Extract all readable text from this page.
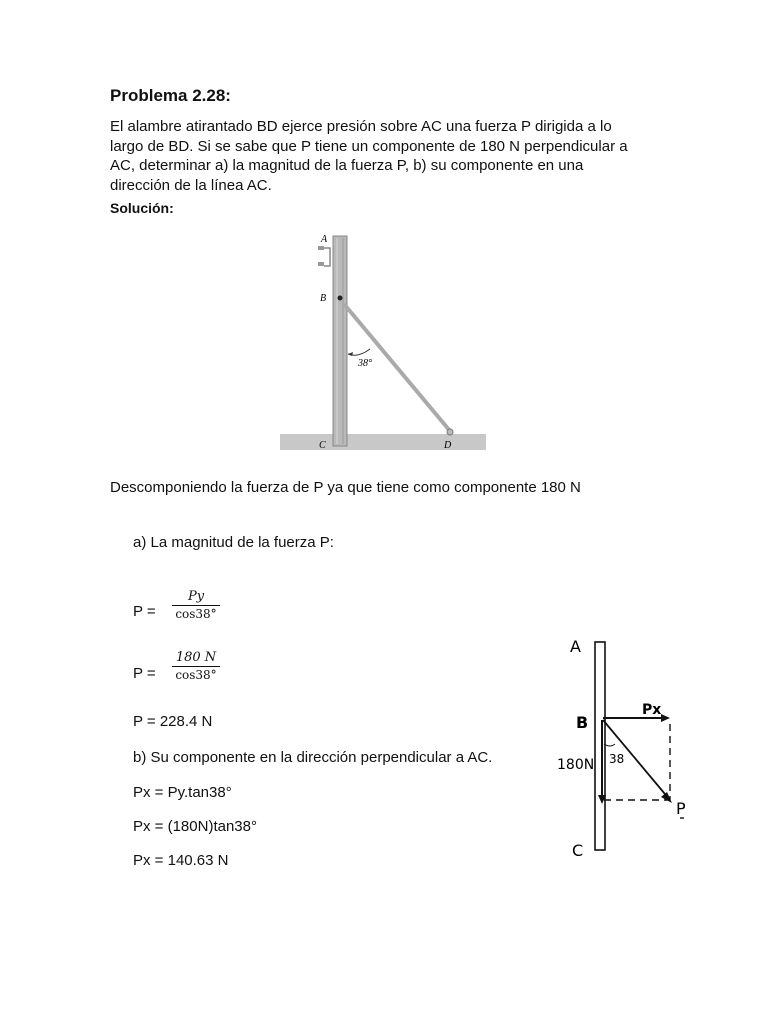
Problema 2.28:
El alambre atirantado BD ejerce presión sobre AC una fuerza P dirigida a lo
largo de BD. Si se sabe que P tiene un componente de 180 N perpendicular a
AC, determinar a) la magnitud de la fuerza P, b) su componente en una
dirección de la línea AC.
Solución:
A
B
C	D
38°
Descomponiendo la fuerza de P ya que tiene como componente 180 N
a) La magnitud de la fuerza P:
P =
Py
cos38°
P =
180 N
cos38°
P = 228.4 N
b) Su componente en la dirección perpendicular a AC.
Px = Py.tan38°
Px = (180N)tan38°
Px = 140.63 N
A
B
C
180N 38
Px
P
